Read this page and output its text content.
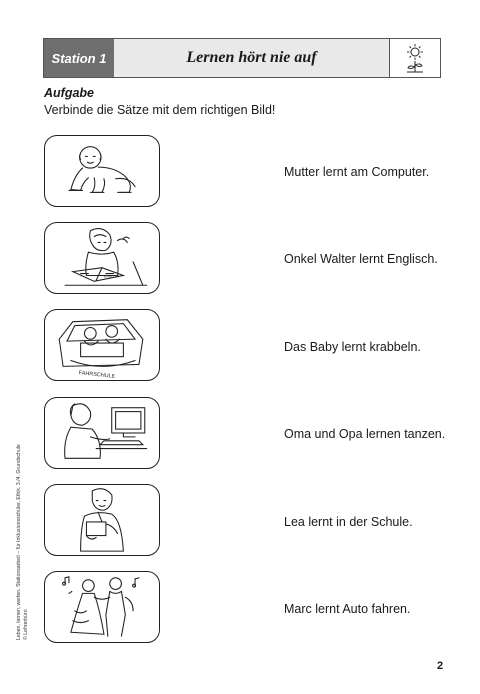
Station 1	Lernen hört nie auf
Aufgabe
Verbinde die Sätze mit dem richtigen Bild!
ENGLISH
FAHRSCHULE
Mutter lernt am Computer.
Onkel Walter lernt Englisch.
Das Baby lernt krabbeln.
Oma und Opa lernen tanzen.
Lea lernt in der Schule.
Marc lernt Auto fahren.
Leben, lernen, werten, Stationsarbeit – für Inklusionsschüler, Ethik, 3./4. Grundschule © Lehrerbüro
2
